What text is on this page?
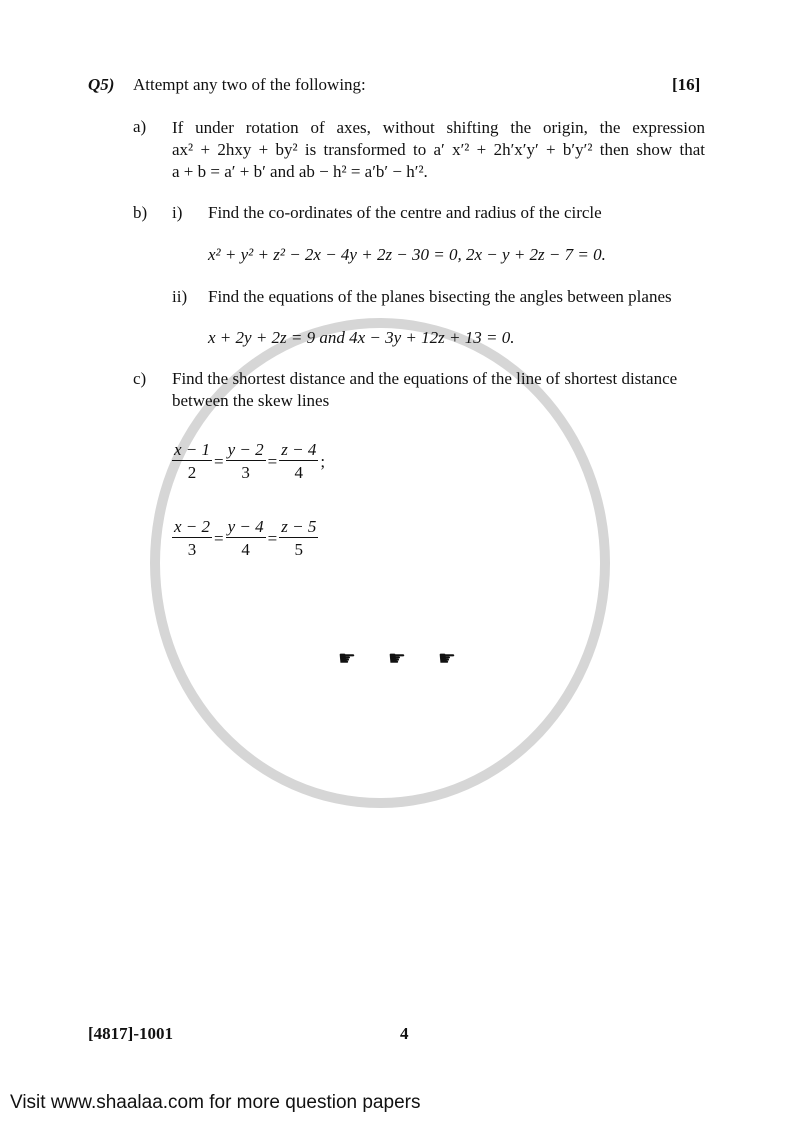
Q5) Attempt any two of the following:	[16]
a) If under rotation of axes, without shifting the origin, the expression
ax² + 2hxy + by² is transformed to a′ x′² + 2h′x′y′ + b′y′² then show that
a + b = a′ + b′ and ab − h² = a′b′ − h′².
b) i) Find the co-ordinates of the centre and radius of the circle
x² + y² + z² − 2x − 4y + 2z − 30 = 0, 2x − y + 2z − 7 = 0.
ii) Find the equations of the planes bisecting the angles between planes
x + 2y + 2z = 9 and 4x − 3y + 12z + 13 = 0.
c) Find the shortest distance and the equations of the line of shortest distance
between the skew lines
$\frac{x - 1}{2} = \frac{y - 2}{3} = \frac{z - 4}{4}$ ;
$\frac{x - 2}{3} = \frac{y - 4}{4} = \frac{z - 5}{5}$
☛ ☛ ☛
[4817]-1001	4
Visit www.shaalaa.com for more question papers
